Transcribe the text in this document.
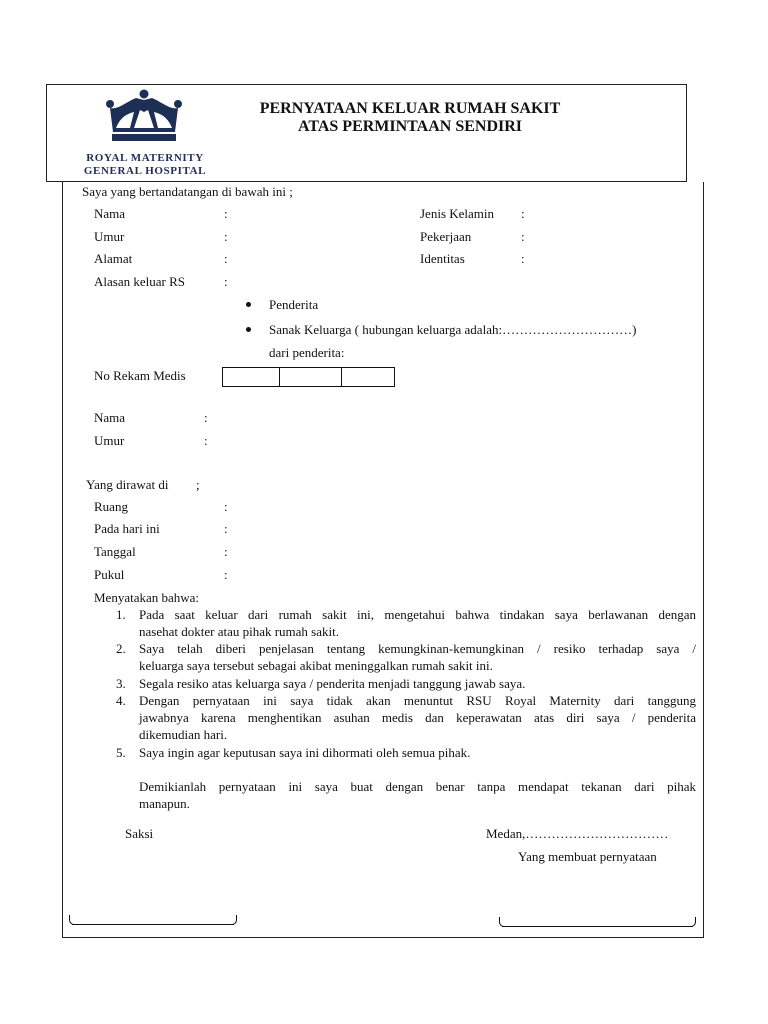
ROYAL MATERNITY
GENERAL HOSPITAL
PERNYATAAN KELUAR RUMAH SAKIT
ATAS PERMINTAAN SENDIRI
Saya yang bertandatangan di bawah ini ;
Nama	:	Jenis Kelamin :
Umur	:	Pekerjaan	:
Alamat	:	Identitas	:
Alasan keluar RS	:
Penderita
Sanak Keluarga ( hubungan keluarga adalah:…………………………)
dari penderita:
No Rekam Medis
Nama	:
Umur	:
Yang dirawat di ;
Ruang	:
Pada hari ini	:
Tanggal	:
Pukul	:
Menyatakan bahwa:
1. Pada saat keluar dari rumah sakit ini, mengetahui bahwa tindakan saya berlawanan dengan
nasehat dokter atau pihak rumah sakit.
2. Saya telah diberi penjelasan tentang kemungkinan-kemungkinan / resiko terhadap saya /
keluarga saya tersebut sebagai akibat meninggalkan rumah sakit ini.
3. Segala resiko atas keluarga saya / penderita menjadi tanggung jawab saya.
4. Dengan pernyataan ini saya tidak akan menuntut RSU Royal Maternity dari tanggung
jawabnya karena menghentikan asuhan medis dan keperawatan atas diri saya / penderita
dikemudian hari.
5. Saya ingin agar keputusan saya ini dihormati oleh semua pihak.
Demikianlah pernyataan ini saya buat dengan benar tanpa mendapat tekanan dari pihak
manapun.
Saksi	Medan,……………………………
Yang membuat pernyataan
